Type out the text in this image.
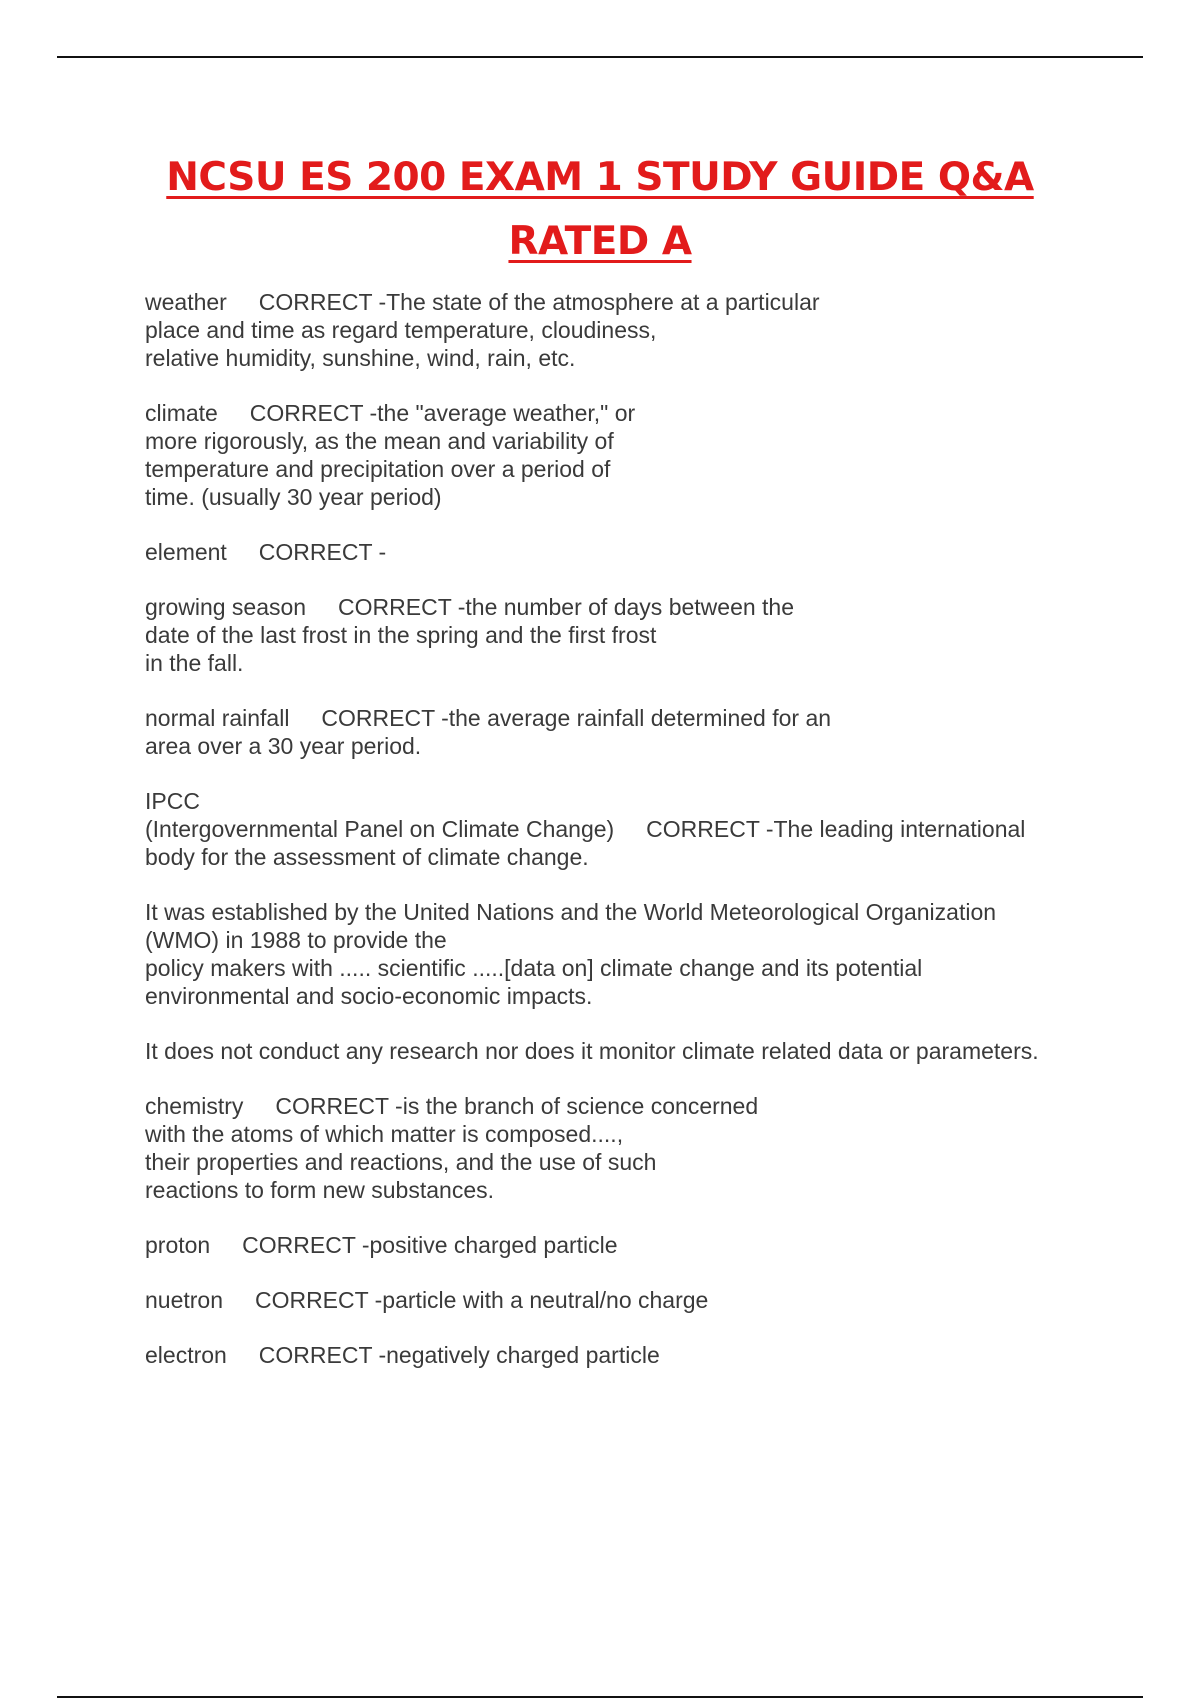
NCSU ES 200 EXAM 1 STUDY GUIDE Q&A
RATED A
weather     CORRECT -The state of the atmosphere at a particular
place and time as regard temperature, cloudiness,
relative humidity, sunshine, wind, rain, etc.
climate     CORRECT -the "average weather," or
more rigorously, as the mean and variability of
temperature and precipitation over a period of
time. (usually 30 year period)
element     CORRECT -
growing season     CORRECT -the number of days between the
date of the last frost in the spring and the first frost
in the fall.
normal rainfall     CORRECT -the average rainfall determined for an
area over a 30 year period.
IPCC
(Intergovernmental Panel on Climate Change)     CORRECT -The leading international
body for the assessment of climate change.
It was established by the United Nations and the World Meteorological Organization
(WMO) in 1988 to provide the
policy makers with ..... scientific .....[data on] climate change and its potential
environmental and socio-economic impacts.
It does not conduct any research nor does it monitor climate related data or parameters.
chemistry     CORRECT -is the branch of science concerned
with the atoms of which matter is composed....,
their properties and reactions, and the use of such
reactions to form new substances.
proton     CORRECT -positive charged particle
nuetron     CORRECT -particle with a neutral/no charge
electron     CORRECT -negatively charged particle
